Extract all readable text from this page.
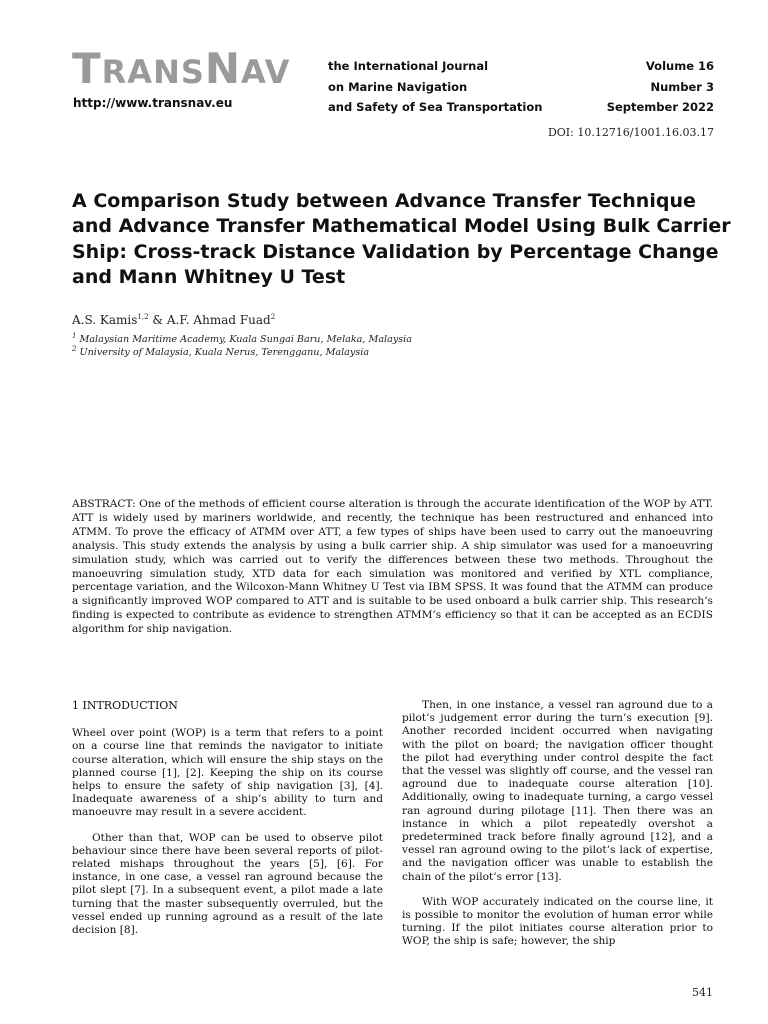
TRANSNAV
http://www.transnav.eu
the International Journal
on Marine Navigation
and Safety of Sea Transportation
Volume 16
Number 3
September 2022
DOI: 10.12716/1001.16.03.17
A Comparison Study between Advance Transfer Technique and Advance Transfer Mathematical Model Using Bulk Carrier Ship: Cross-track Distance Validation by Percentage Change and Mann Whitney U Test
A.S. Kamis$^{1,2}$ & A.F. Ahmad Fuad$^2$
$^1$ Malaysian Maritime Academy, Kuala Sungai Baru, Melaka, Malaysia
$^2$ University of Malaysia, Kuala Nerus, Terengganu, Malaysia

ABSTRACT: One of the methods of efficient course alteration is through the accurate identification of the WOP by ATT. ATT is widely used by mariners worldwide, and recently, the technique has been restructured and enhanced into ATMM. To prove the efficacy of ATMM over ATT, a few types of ships have been used to carry out the manoeuvring analysis. This study extends the analysis by using a bulk carrier ship. A ship simulator was used for a manoeuvring simulation study, which was carried out to verify the differences between these two methods. Throughout the manoeuvring simulation study, XTD data for each simulation was monitored and verified by XTL compliance, percentage variation, and the Wilcoxon-Mann Whitney U Test via IBM SPSS. It was found that the ATMM can produce a significantly improved WOP compared to ATT and is suitable to be used onboard a bulk carrier ship. This research’s finding is expected to contribute as evidence to strengthen ATMM’s efficiency so that it can be accepted as an ECDIS algorithm for ship navigation.

1 INTRODUCTION

Wheel over point (WOP) is a term that refers to a point on a course line that reminds the navigator to initiate course alteration, which will ensure the ship stays on the planned course [1], [2]. Keeping the ship on its course helps to ensure the safety of ship navigation [3], [4]. Inadequate awareness of a ship’s ability to turn and manoeuvre may result in a severe accident.

Other than that, WOP can be used to observe pilot behaviour since there have been several reports of pilot-related mishaps throughout the years [5], [6]. For instance, in one case, a vessel ran aground because the pilot slept [7]. In a subsequent event, a pilot made a late turning that the master subsequently overruled, but the vessel ended up running aground as a result of the late decision [8].

Then, in one instance, a vessel ran aground due to a pilot’s judgement error during the turn’s execution [9]. Another recorded incident occurred when navigating with the pilot on board; the navigation officer thought the pilot had everything under control despite the fact that the vessel was slightly off course, and the vessel ran aground due to inadequate course alteration [10]. Additionally, owing to inadequate turning, a cargo vessel ran aground during pilotage [11]. Then there was an instance in which a pilot repeatedly overshot a predetermined track before finally aground [12], and a vessel ran aground owing to the pilot’s lack of expertise, and the navigation officer was unable to establish the chain of the pilot’s error [13].

With WOP accurately indicated on the course line, it is possible to monitor the evolution of human error while turning. If the pilot initiates course alteration prior to WOP, the ship is safe; however, the ship

541
